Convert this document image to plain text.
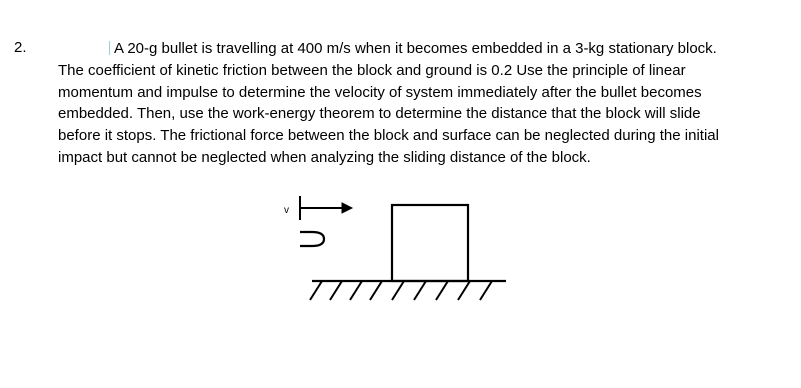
2.	A 20-g bullet is travelling at 400 m/s when it becomes embedded in a 3-kg stationary block.
The coefficient of kinetic friction between the block and ground is 0.2 Use the principle of linear
momentum and impulse to determine the velocity of system immediately after the bullet becomes
embedded. Then, use the work-energy theorem to determine the distance that the block will slide
before it stops. The frictional force between the block and surface can be neglected during the initial
impact but cannot be neglected when analyzing the sliding distance of the block.

v
